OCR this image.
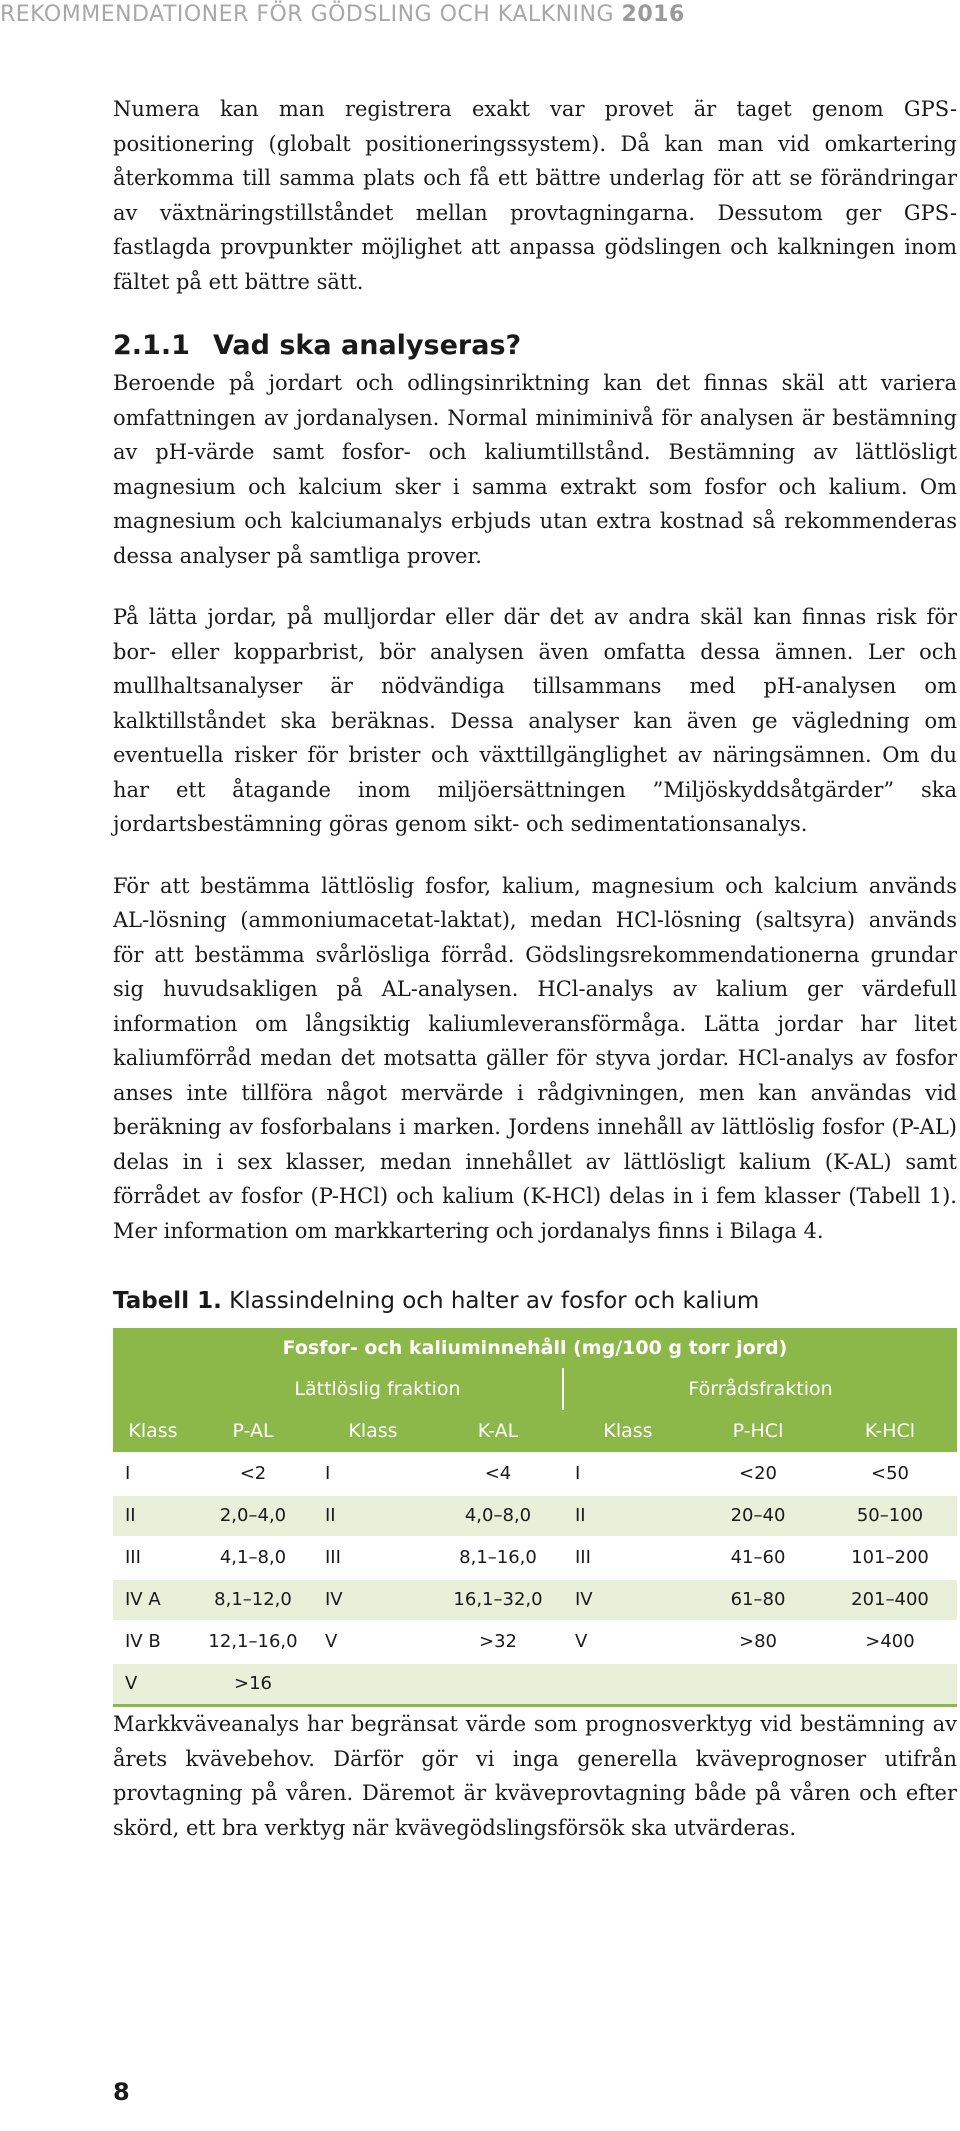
REKOMMENDATIONER FÖR GÖDSLING OCH KALKNING 2016

Numera kan man registrera exakt var provet är taget genom GPS-positionering (globalt positioneringssystem). Då kan man vid omkartering återkomma till samma plats och få ett bättre underlag för att se förändringar av växtnäringstillståndet mellan provtagningarna. Dessutom ger GPS-fastlagda provpunkter möjlighet att anpassa gödslingen och kalkningen inom fältet på ett bättre sätt.

2.1.1 Vad ska analyseras?

Beroende på jordart och odlingsinriktning kan det finnas skäl att variera omfattningen av jordanalysen. Normal miniminivå för analysen är bestämning av pH-värde samt fosfor- och kaliumtillstånd. Bestämning av lättlösligt magnesium och kalcium sker i samma extrakt som fosfor och kalium. Om magnesium och kalciumanalys erbjuds utan extra kostnad så rekommenderas dessa analyser på samtliga prover.

På lätta jordar, på mulljordar eller där det av andra skäl kan finnas risk för bor- eller kopparbrist, bör analysen även omfatta dessa ämnen. Ler och mullhaltsanalyser är nödvändiga tillsammans med pH-analysen om kalktillståndet ska beräknas. Dessa analyser kan även ge vägledning om eventuella risker för brister och växttillgänglighet av näringsämnen. Om du har ett åtagande inom miljöersättningen ”Miljöskyddsåtgärder” ska jordartsbestämning göras genom sikt- och sedimentationsanalys.

För att bestämma lättlöslig fosfor, kalium, magnesium och kalcium används AL-lösning (ammoniumacetat-laktat), medan HCl-lösning (saltsyra) används för att bestämma svårlösliga förråd. Gödslingsrekommendationerna grundar sig huvudsakligen på AL-analysen. HCl-analys av kalium ger värdefull information om långsiktig kaliumleveransförmåga. Lätta jordar har litet kaliumförråd medan det motsatta gäller för styva jordar. HCl-analys av fosfor anses inte tillföra något mervärde i rådgivningen, men kan användas vid beräkning av fosforbalans i marken. Jordens innehåll av lättlöslig fosfor (P-AL) delas in i sex klasser, medan innehållet av lättlösligt kalium (K-AL) samt förrådet av fosfor (P-HCl) och kalium (K-HCl) delas in i fem klasser (Tabell 1). Mer information om markkartering och jordanalys finns i Bilaga 4.

Tabell 1. Klassindelning och halter av fosfor och kalium
Fosfor- och kaliuminnehåll (mg/100 g torr jord)						
	Lättlöslig fraktion			Förrådsfraktion		
Klass	P-AL	Klass	K-AL	Klass	P-HCl	K-HCl
I	<2	I	<4	I	<20	<50
II	2,0–4,0	II	4,0–8,0	II	20–40	50–100
III	4,1–8,0	III	8,1–16,0	III	41–60	101–200
IV A	8,1–12,0	IV	16,1–32,0	IV	61–80	201–400
IV B	12,1–16,0	V	>32	V	>80	>400
V	>16					

Markkväveanalys har begränsat värde som prognosverktyg vid bestämning av årets kvävebehov. Därför gör vi inga generella kväveprognoser utifrån provtagning på våren. Däremot är kväveprovtagning både på våren och efter skörd, ett bra verktyg när kvävegödslingsförsök ska utvärderas.

8
